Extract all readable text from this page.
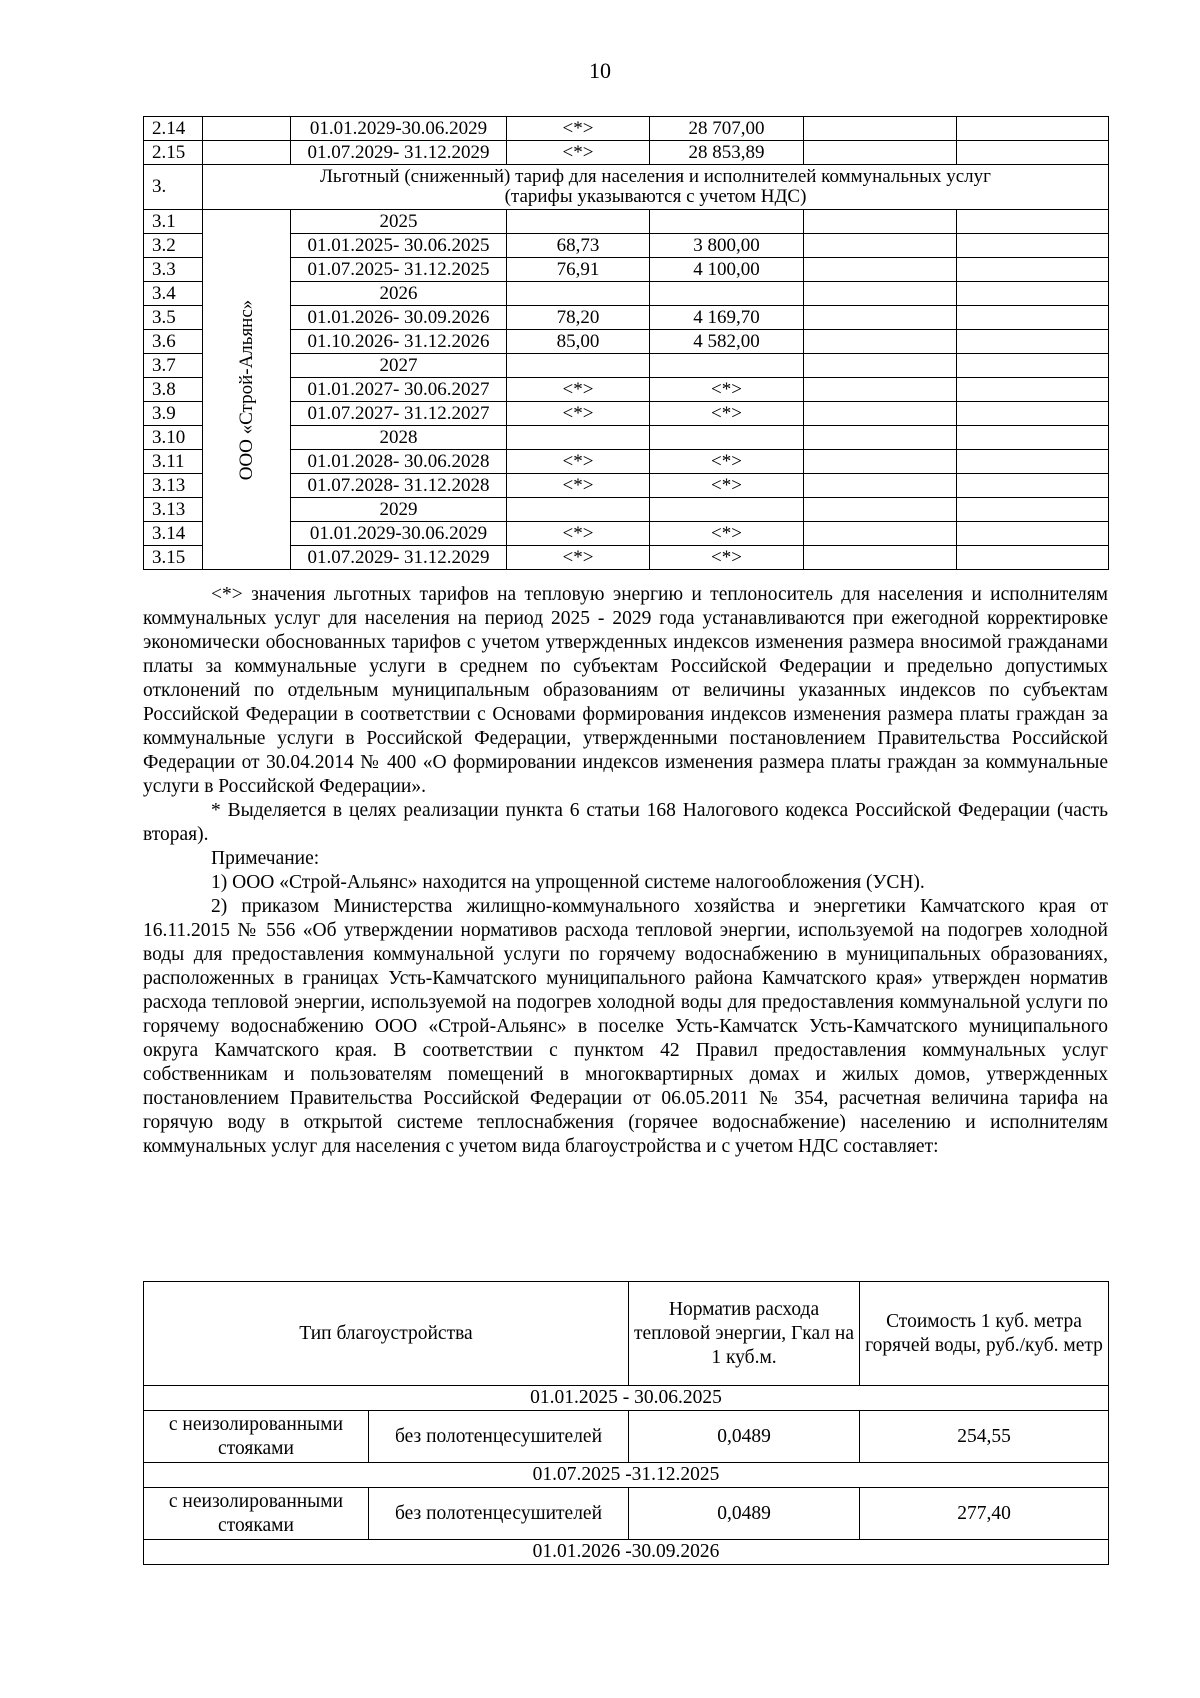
10
2.14		01.01.2029-30.06.2029	<*>	28 707,00		
2.15		01.07.2029- 31.12.2029	<*>	28 853,89		
3.	Льготный (сниженный) тариф для населения и исполнителей коммунальных услуг
(тарифы указываются с учетом НДС)					

3.1	ООО «Строй-Альянс»	2025				
3.2		01.01.2025- 30.06.2025	68,73	3 800,00		
3.3		01.07.2025- 31.12.2025	76,91	4 100,00		
3.4		2026				
3.5		01.01.2026- 30.09.2026	78,20	4 169,70		
3.6		01.10.2026- 31.12.2026	85,00	4 582,00		
3.7		2027				
3.8		01.01.2027- 30.06.2027	<*>	<*>		
3.9		01.07.2027- 31.12.2027	<*>	<*>		
3.10		2028				
3.11		01.01.2028- 30.06.2028	<*>	<*>		
3.13		01.07.2028- 31.12.2028	<*>	<*>		
3.13		2029				
3.14		01.01.2029-30.06.2029	<*>	<*>		
3.15		01.07.2029- 31.12.2029	<*>	<*>		

<*> значения льготных тарифов на тепловую энергию и теплоноситель для населения и исполнителям коммунальных услуг для населения на период 2025 - 2029 года устанавливаются при ежегодной корректировке экономически обоснованных тарифов с учетом утвержденных индексов изменения размера вносимой гражданами платы за коммунальные услуги в среднем по субъектам Российской Федерации и предельно допустимых отклонений по отдельным муниципальным образованиям от величины указанных индексов по субъектам Российской Федерации в соответствии с Основами формирования индексов изменения размера платы граждан за коммунальные услуги в Российской Федерации, утвержденными постановлением Правительства Российской Федерации от 30.04.2014 № 400 «О формировании индексов изменения размера платы граждан за коммунальные услуги в Российской Федерации».

* Выделяется в целях реализации пункта 6 статьи 168 Налогового кодекса Российской Федерации (часть вторая).

Примечание:

1) ООО «Строй-Альянс» находится на упрощенной системе налогообложения (УСН).

2) приказом Министерства жилищно-коммунального хозяйства и энергетики Камчатского края от 16.11.2015 № 556 «Об утверждении нормативов расхода тепловой энергии, используемой на подогрев холодной воды для предоставления коммунальной услуги по горячему водоснабжению в муниципальных образованиях, расположенных в границах Усть-Камчатского муниципального района Камчатского края» утвержден норматив расхода тепловой энергии, используемой на подогрев холодной воды для предоставления коммунальной услуги по горячему водоснабжению ООО «Строй-Альянс» в поселке Усть-Камчатск Усть-Камчатского муниципального округа Камчатского края. В соответствии с пунктом 42 Правил предоставления коммунальных услуг собственникам и пользователям помещений в многоквартирных домах и жилых домов, утвержденных постановлением Правительства Российской Федерации от 06.05.2011 № 354, расчетная величина тарифа на горячую воду в открытой системе теплоснабжения (горячее водоснабжение) населению и исполнителям коммунальных услуг для населения с учетом вида благоустройства и с учетом НДС составляет:

Тип благоустройства		Норматив расхода тепловой энергии, Гкал на 1 куб.м.	Стоимость 1 куб. метра горячей воды, руб./куб. метр
01.01.2025 - 30.06.2025			
с неизолированными стояками	без полотенцесушителей	0,0489	254,55
01.07.2025 -31.12.2025			
с неизолированными стояками	без полотенцесушителей	0,0489	277,40
01.01.2026 -30.09.2026			
